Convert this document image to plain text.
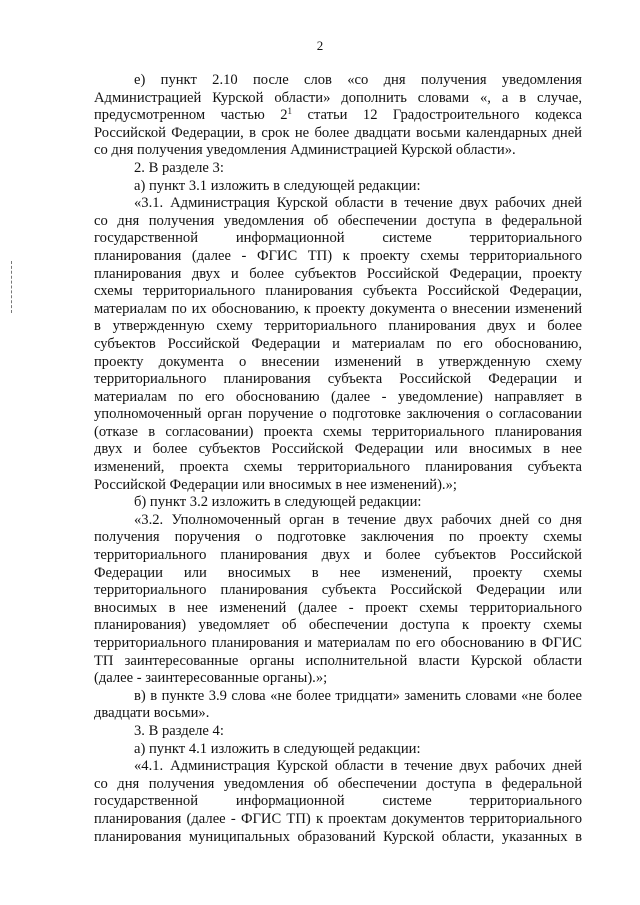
2
е) пункт 2.10 после слов «со дня получения уведомления
Администрацией Курской области» дополнить словами «, а в случае,
предусмотренном частью $2^1$ статьи 12 Градостроительного кодекса
Российской Федерации, в срок не более двадцати восьми календарных дней
со дня получения уведомления Администрацией Курской области».
2. В разделе 3:
а) пункт 3.1 изложить в следующей редакции:
«3.1. Администрация Курской области в течение двух рабочих дней
со дня получения уведомления об обеспечении доступа в федеральной
государственной информационной системе территориального
планирования (далее - ФГИС ТП) к проекту схемы территориального
планирования двух и более субъектов Российской Федерации, проекту
схемы территориального планирования субъекта Российской Федерации,
материалам по их обоснованию, к проекту документа о внесении изменений
в утвержденную схему территориального планирования двух и более
субъектов Российской Федерации и материалам по его обоснованию,
проекту документа о внесении изменений в утвержденную схему
территориального планирования субъекта Российской Федерации и
материалам по его обоснованию (далее - уведомление) направляет в
уполномоченный орган поручение о подготовке заключения о согласовании
(отказе в согласовании) проекта схемы территориального планирования
двух и более субъектов Российской Федерации или вносимых в нее
изменений, проекта схемы территориального планирования субъекта
Российской Федерации или вносимых в нее изменений).»;
б) пункт 3.2 изложить в следующей редакции:
«3.2. Уполномоченный орган в течение двух рабочих дней со дня
получения поручения о подготовке заключения по проекту схемы
территориального планирования двух и более субъектов Российской
Федерации или вносимых в нее изменений, проекту схемы
территориального планирования субъекта Российской Федерации или
вносимых в нее изменений (далее - проект схемы территориального
планирования) уведомляет об обеспечении доступа к проекту схемы
территориального планирования и материалам по его обоснованию в ФГИС
ТП заинтересованные органы исполнительной власти Курской области
(далее - заинтересованные органы).»;
в) в пункте 3.9 слова «не более тридцати» заменить словами «не более
двадцати восьми».
3. В разделе 4:
а) пункт 4.1 изложить в следующей редакции:
«4.1. Администрация Курской области в течение двух рабочих дней
со дня получения уведомления об обеспечении доступа в федеральной
государственной информационной системе территориального
планирования (далее - ФГИС ТП) к проектам документов территориального
планирования муниципальных образований Курской области, указанных в
